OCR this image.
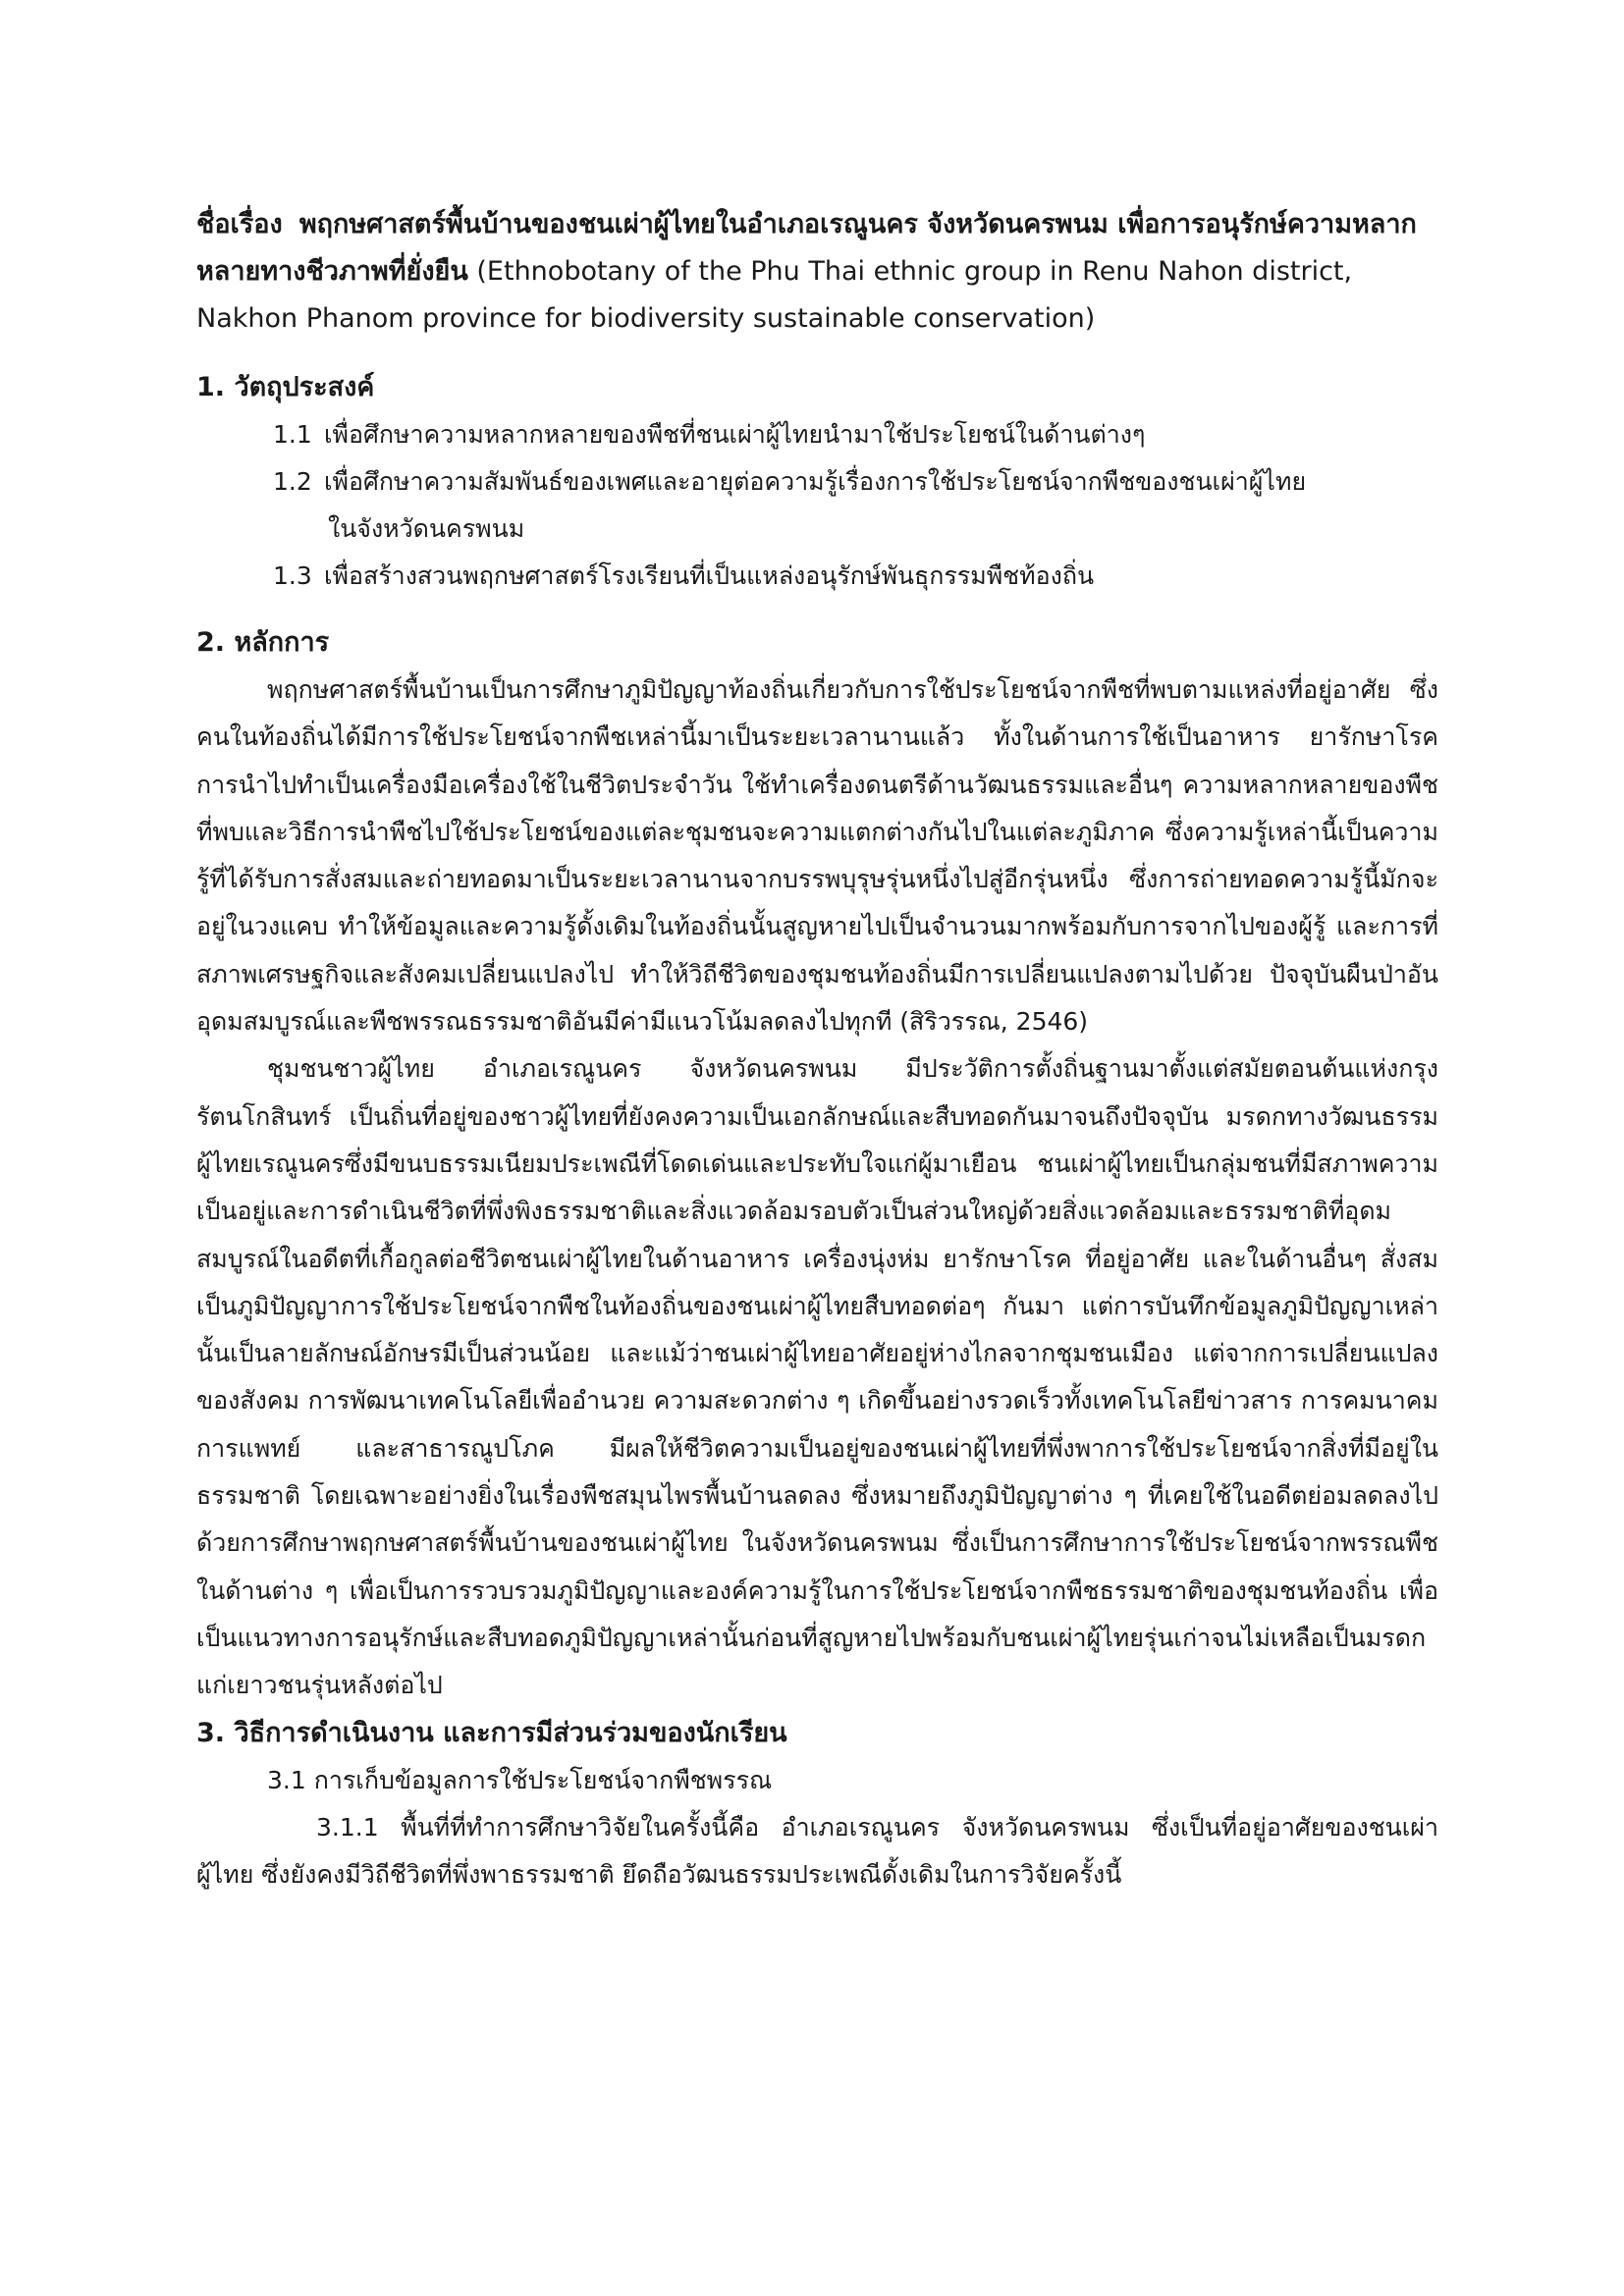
ชื่อเรื่อง พฤกษศาสตร์พื้นบ้านของชนเผ่าผู้ไทยในอำเภอเรณูนคร จังหวัดนครพนม เพื่อการอนุรักษ์ความหลากหลายทางชีวภาพที่ยั่งยืน (Ethnobotany of the Phu Thai ethnic group in Renu Nahon district, Nakhon Phanom province for biodiversity sustainable conservation)

1. วัตถุประสงค์

1.1 เพื่อศึกษาความหลากหลายของพืชที่ชนเผ่าผู้ไทยนำมาใช้ประโยชน์ในด้านต่างๆ

1.2 เพื่อศึกษาความสัมพันธ์ของเพศและอายุต่อความรู้เรื่องการใช้ประโยชน์จากพืชของชนเผ่าผู้ไทย

ในจังหวัดนครพนม

1.3 เพื่อสร้างสวนพฤกษศาสตร์โรงเรียนที่เป็นแหล่งอนุรักษ์พันธุกรรมพืชท้องถิ่น

2. หลักการ

พฤกษศาสตร์พื้นบ้านเป็นการศึกษาภูมิปัญญาท้องถิ่นเกี่ยวกับการใช้ประโยชน์จากพืชที่พบตามแหล่งที่อยู่อาศัย ซึ่งคนในท้องถิ่นได้มีการใช้ประโยชน์จากพืชเหล่านี้มาเป็นระยะเวลานานแล้ว ทั้งในด้านการใช้เป็นอาหาร ยารักษาโรค การนำไปทำเป็นเครื่องมือเครื่องใช้ในชีวิตประจำวัน ใช้ทำเครื่องดนตรีด้านวัฒนธรรมและอื่นๆ ความหลากหลายของพืชที่พบและวิธีการนำพืชไปใช้ประโยชน์ของแต่ละชุมชนจะความแตกต่างกันไปในแต่ละภูมิภาค ซึ่งความรู้เหล่านี้เป็นความรู้ที่ได้รับการสั่งสมและถ่ายทอดมาเป็นระยะเวลานานจากบรรพบุรุษรุ่นหนึ่งไปสู่อีกรุ่นหนึ่ง ซึ่งการถ่ายทอดความรู้นี้มักจะอยู่ในวงแคบ ทำให้ข้อมูลและความรู้ดั้งเดิมในท้องถิ่นนั้นสูญหายไปเป็นจำนวนมากพร้อมกับการจากไปของผู้รู้ และการที่สภาพเศรษฐกิจและสังคมเปลี่ยนแปลงไป ทำให้วิถีชีวิตของชุมชนท้องถิ่นมีการเปลี่ยนแปลงตามไปด้วย ปัจจุบันผืนป่าอันอุดมสมบูรณ์และพืชพรรณธรรมชาติอันมีค่ามีแนวโน้มลดลงไปทุกที (สิริวรรณ, 2546)

ชุมชนชาวผู้ไทย อำเภอเรณูนคร จังหวัดนครพนม มีประวัติการตั้งถิ่นฐานมาตั้งแต่สมัยตอนต้นแห่งกรุงรัตนโกสินทร์ เป็นถิ่นที่อยู่ของชาวผู้ไทยที่ยังคงความเป็นเอกลักษณ์และสืบทอดกันมาจนถึงปัจจุบัน มรดกทางวัฒนธรรมผู้ไทยเรณูนครซึ่งมีขนบธรรมเนียมประเพณีที่โดดเด่นและประทับใจแก่ผู้มาเยือน ชนเผ่าผู้ไทยเป็นกลุ่มชนที่มีสภาพความเป็นอยู่และการดำเนินชีวิตที่พึ่งพิงธรรมชาติและสิ่งแวดล้อมรอบตัวเป็นส่วนใหญ่ด้วยสิ่งแวดล้อมและธรรมชาติที่อุดมสมบูรณ์ในอดีตที่เกื้อกูลต่อชีวิตชนเผ่าผู้ไทยในด้านอาหาร เครื่องนุ่งห่ม ยารักษาโรค ที่อยู่อาศัย และในด้านอื่นๆ สั่งสมเป็นภูมิปัญญาการใช้ประโยชน์จากพืชในท้องถิ่นของชนเผ่าผู้ไทยสืบทอดต่อๆ กันมา แต่การบันทึกข้อมูลภูมิปัญญาเหล่านั้นเป็นลายลักษณ์อักษรมีเป็นส่วนน้อย และแม้ว่าชนเผ่าผู้ไทยอาศัยอยู่ห่างไกลจากชุมชนเมือง แต่จากการเปลี่ยนแปลงของสังคม การพัฒนาเทคโนโลยีเพื่ออำนวย ความสะดวกต่าง ๆ เกิดขึ้นอย่างรวดเร็วทั้งเทคโนโลยีข่าวสาร การคมนาคม การแพทย์ และสาธารณูปโภค มีผลให้ชีวิตความเป็นอยู่ของชนเผ่าผู้ไทยที่พึ่งพาการใช้ประโยชน์จากสิ่งที่มีอยู่ใน ธรรมชาติ โดยเฉพาะอย่างยิ่งในเรื่องพืชสมุนไพรพื้นบ้านลดลง ซึ่งหมายถึงภูมิปัญญาต่าง ๆ ที่เคยใช้ในอดีตย่อมลดลงไป ด้วยการศึกษาพฤกษศาสตร์พื้นบ้านของชนเผ่าผู้ไทย ในจังหวัดนครพนม ซึ่งเป็นการศึกษาการใช้ประโยชน์จากพรรณพืชในด้านต่าง ๆ เพื่อเป็นการรวบรวมภูมิปัญญาและองค์ความรู้ในการใช้ประโยชน์จากพืชธรรมชาติของชุมชนท้องถิ่น เพื่อเป็นแนวทางการอนุรักษ์และสืบทอดภูมิปัญญาเหล่านั้นก่อนที่สูญหายไปพร้อมกับชนเผ่าผู้ไทยรุ่นเก่าจนไม่เหลือเป็นมรดกแก่เยาวชนรุ่นหลังต่อไป

3. วิธีการดำเนินงาน และการมีส่วนร่วมของนักเรียน

3.1 การเก็บข้อมูลการใช้ประโยชน์จากพืชพรรณ

3.1.1 พื้นที่ที่ทำการศึกษาวิจัยในครั้งนี้คือ อำเภอเรณูนคร จังหวัดนครพนม ซึ่งเป็นที่อยู่อาศัยของชนเผ่าผู้ไทย ซึ่งยังคงมีวิถีชีวิตที่พึ่งพาธรรมชาติ ยึดถือวัฒนธรรมประเพณีดั้งเดิมในการวิจัยครั้งนี้
